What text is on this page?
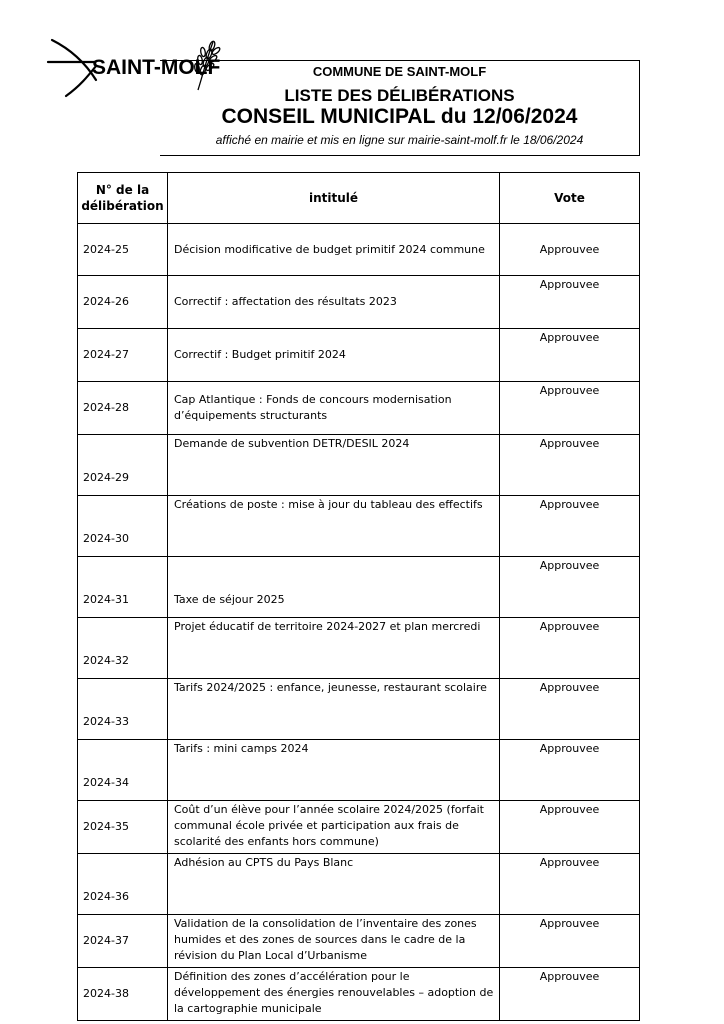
SAINT-MOLF	COMMUNE DE SAINT-MOLF
LISTE DES DÉLIBÉRATIONS
CONSEIL MUNICIPAL du 12/06/2024
affiché en mairie et mis en ligne sur mairie-saint-molf.fr le 18/06/2024
N° de la délibération	intitulé	Vote
2024-25	Décision modificative de budget primitif 2024 commune	Approuvee
2024-26	Correctif : affectation des résultats 2023	Approuvee
2024-27	Correctif : Budget primitif 2024	Approuvee
2024-28	Cap Atlantique : Fonds de concours modernisation d’équipements structurants	Approuvee
2024-29	Demande de subvention DETR/DESIL 2024	Approuvee
2024-30	Créations de poste : mise à jour du tableau des effectifs	Approuvee
2024-31	Taxe de séjour 2025	Approuvee
2024-32	Projet éducatif de territoire 2024-2027 et plan mercredi	Approuvee
2024-33	Tarifs 2024/2025 : enfance, jeunesse, restaurant scolaire	Approuvee
2024-34	Tarifs : mini camps 2024	Approuvee
2024-35	Coût d’un élève pour l’année scolaire 2024/2025 (forfait communal école privée et participation aux frais de scolarité des enfants hors commune)	Approuvee
2024-36	Adhésion au CPTS du Pays Blanc	Approuvee
2024-37	Validation de la consolidation de l’inventaire des zones humides et des zones de sources dans le cadre de la révision du Plan Local d’Urbanisme	Approuvee
2024-38	Définition des zones d’accélération pour le développement des énergies renouvelables – adoption de la cartographie municipale	Approuvee
